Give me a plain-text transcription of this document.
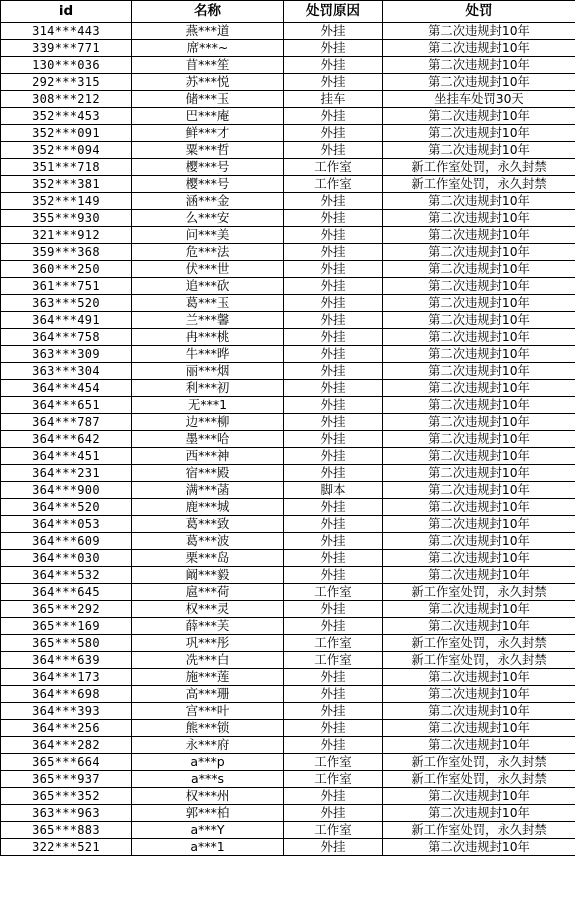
id	名称	处罚原因	处罚
314***443	燕***道	外挂	第二次违规封10年
339***771	席***~	外挂	第二次违规封10年
130***036	苜***笙	外挂	第二次违规封10年
292***315	苏***悦	外挂	第二次违规封10年
308***212	储***玉	挂车	坐挂车处罚30天
352***453	巴***庵	外挂	第二次违规封10年
352***091	鲜***才	外挂	第二次违规封10年
352***094	粟***哲	外挂	第二次违规封10年
351***718	樱***号	工作室	新工作室处罚，永久封禁
352***381	樱***号	工作室	新工作室处罚，永久封禁
352***149	涵***金	外挂	第二次违规封10年
355***930	么***安	外挂	第二次违规封10年
321***912	问***美	外挂	第二次违规封10年
359***368	危***法	外挂	第二次违规封10年
360***250	伏***世	外挂	第二次违规封10年
361***751	追***砍	外挂	第二次违规封10年
363***520	葛***玉	外挂	第二次违规封10年
364***491	兰***馨	外挂	第二次违规封10年
364***758	冉***桃	外挂	第二次违规封10年
363***309	牛***晔	外挂	第二次违规封10年
363***304	丽***烟	外挂	第二次违规封10年
364***454	利***初	外挂	第二次违规封10年
364***651	无***1	外挂	第二次违规封10年
364***787	边***柳	外挂	第二次违规封10年
364***642	墨***哈	外挂	第二次违规封10年
364***451	西***神	外挂	第二次违规封10年
364***231	宿***殿	外挂	第二次违规封10年
364***900	满***菡	脚本	第二次违规封10年
364***520	鹿***城	外挂	第二次违规封10年
364***053	葛***致	外挂	第二次违规封10年
364***609	葛***波	外挂	第二次违规封10年
364***030	栗***岛	外挂	第二次违规封10年
364***532	阚***毅	外挂	第二次违规封10年
364***645	扈***荷	工作室	新工作室处罚，永久封禁
365***292	权***灵	外挂	第二次违规封10年
365***169	薛***芙	外挂	第二次违规封10年
365***580	巩***彤	工作室	新工作室处罚，永久封禁
364***639	冼***白	工作室	新工作室处罚，永久封禁
364***173	施***莲	外挂	第二次违规封10年
364***698	高***珊	外挂	第二次违规封10年
364***393	宫***叶	外挂	第二次违规封10年
364***256	熊***锁	外挂	第二次违规封10年
364***282	永***府	外挂	第二次违规封10年
365***664	a***p	工作室	新工作室处罚，永久封禁
365***937	a***s	工作室	新工作室处罚，永久封禁
365***352	权***州	外挂	第二次违规封10年
363***963	郭***柏	外挂	第二次违规封10年
365***883	a***Y	工作室	新工作室处罚，永久封禁
322***521	a***1	外挂	第二次违规封10年
